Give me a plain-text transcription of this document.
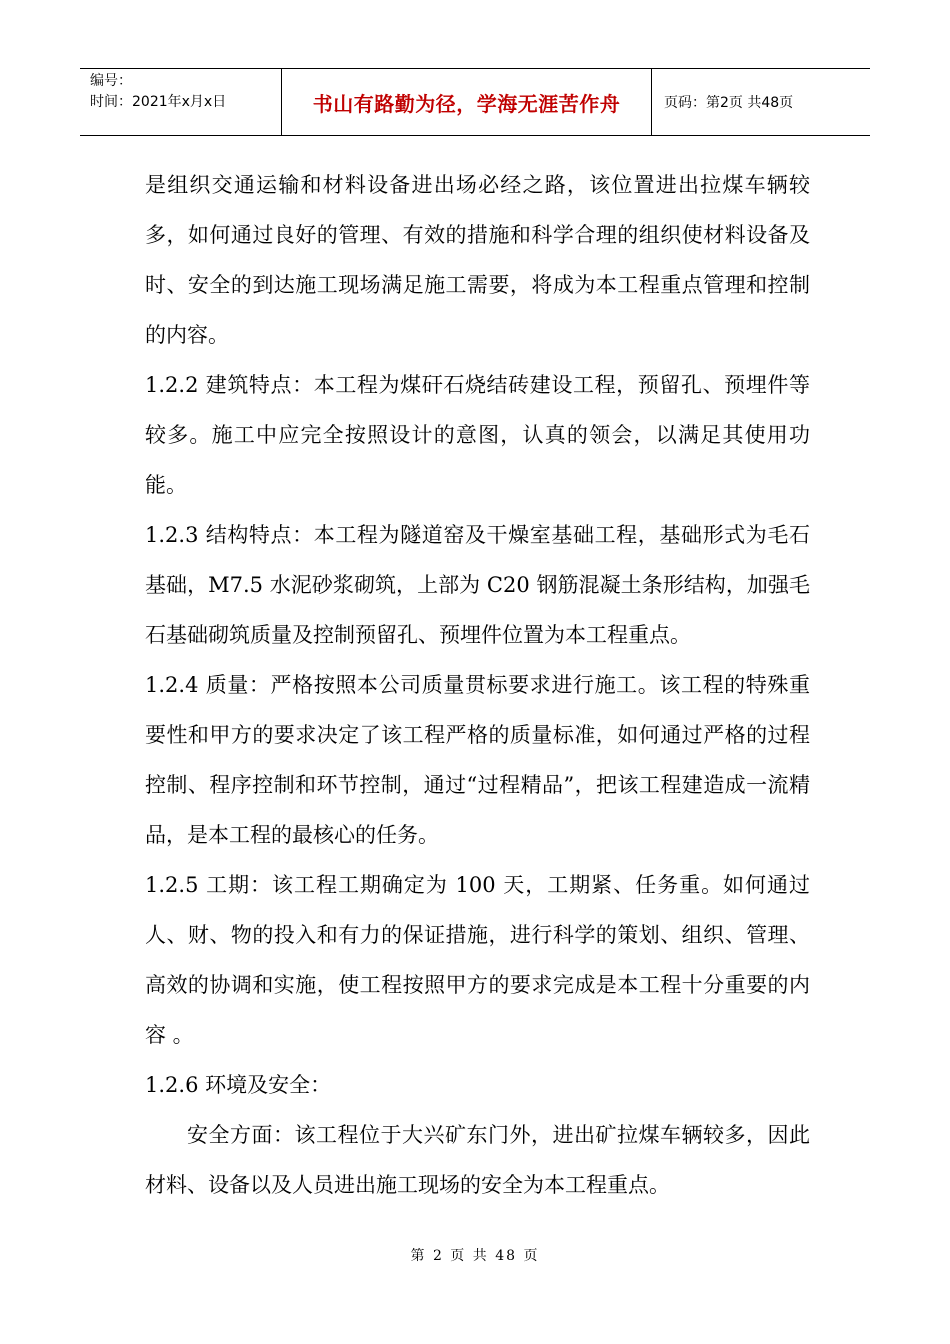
编号：
时间：2021年x月x日	书山有路勤为径，学海无涯苦作舟	页码：第2页 共48页

是组织交通运输和材料设备进出场必经之路，该位置进出拉煤车辆较多，如何通过良好的管理、有效的措施和科学合理的组织使材料设备及时、安全的到达施工现场满足施工需要，将成为本工程重点管理和控制的内容。

1.2.2 建筑特点：本工程为煤矸石烧结砖建设工程，预留孔、预埋件等较多。施工中应完全按照设计的意图，认真的领会，以满足其使用功能。

1.2.3 结构特点：本工程为隧道窑及干燥室基础工程，基础形式为毛石基础，M7.5 水泥砂浆砌筑，上部为 C20 钢筋混凝土条形结构，加强毛石基础砌筑质量及控制预留孔、预埋件位置为本工程重点。

1.2.4 质量：严格按照本公司质量贯标要求进行施工。该工程的特殊重要性和甲方的要求决定了该工程严格的质量标准，如何通过严格的过程控制、程序控制和环节控制，通过“过程精品”，把该工程建造成一流精品，是本工程的最核心的任务。

1.2.5 工期：该工程工期确定为 100 天，工期紧、任务重。如何通过人、财、物的投入和有力的保证措施，进行科学的策划、组织、管理、高效的协调和实施，使工程按照甲方的要求完成是本工程十分重要的内容 。

1.2.6 环境及安全：

安全方面：该工程位于大兴矿东门外，进出矿拉煤车辆较多，因此材料、设备以及人员进出施工现场的安全为本工程重点。

第 2 页 共 48 页
